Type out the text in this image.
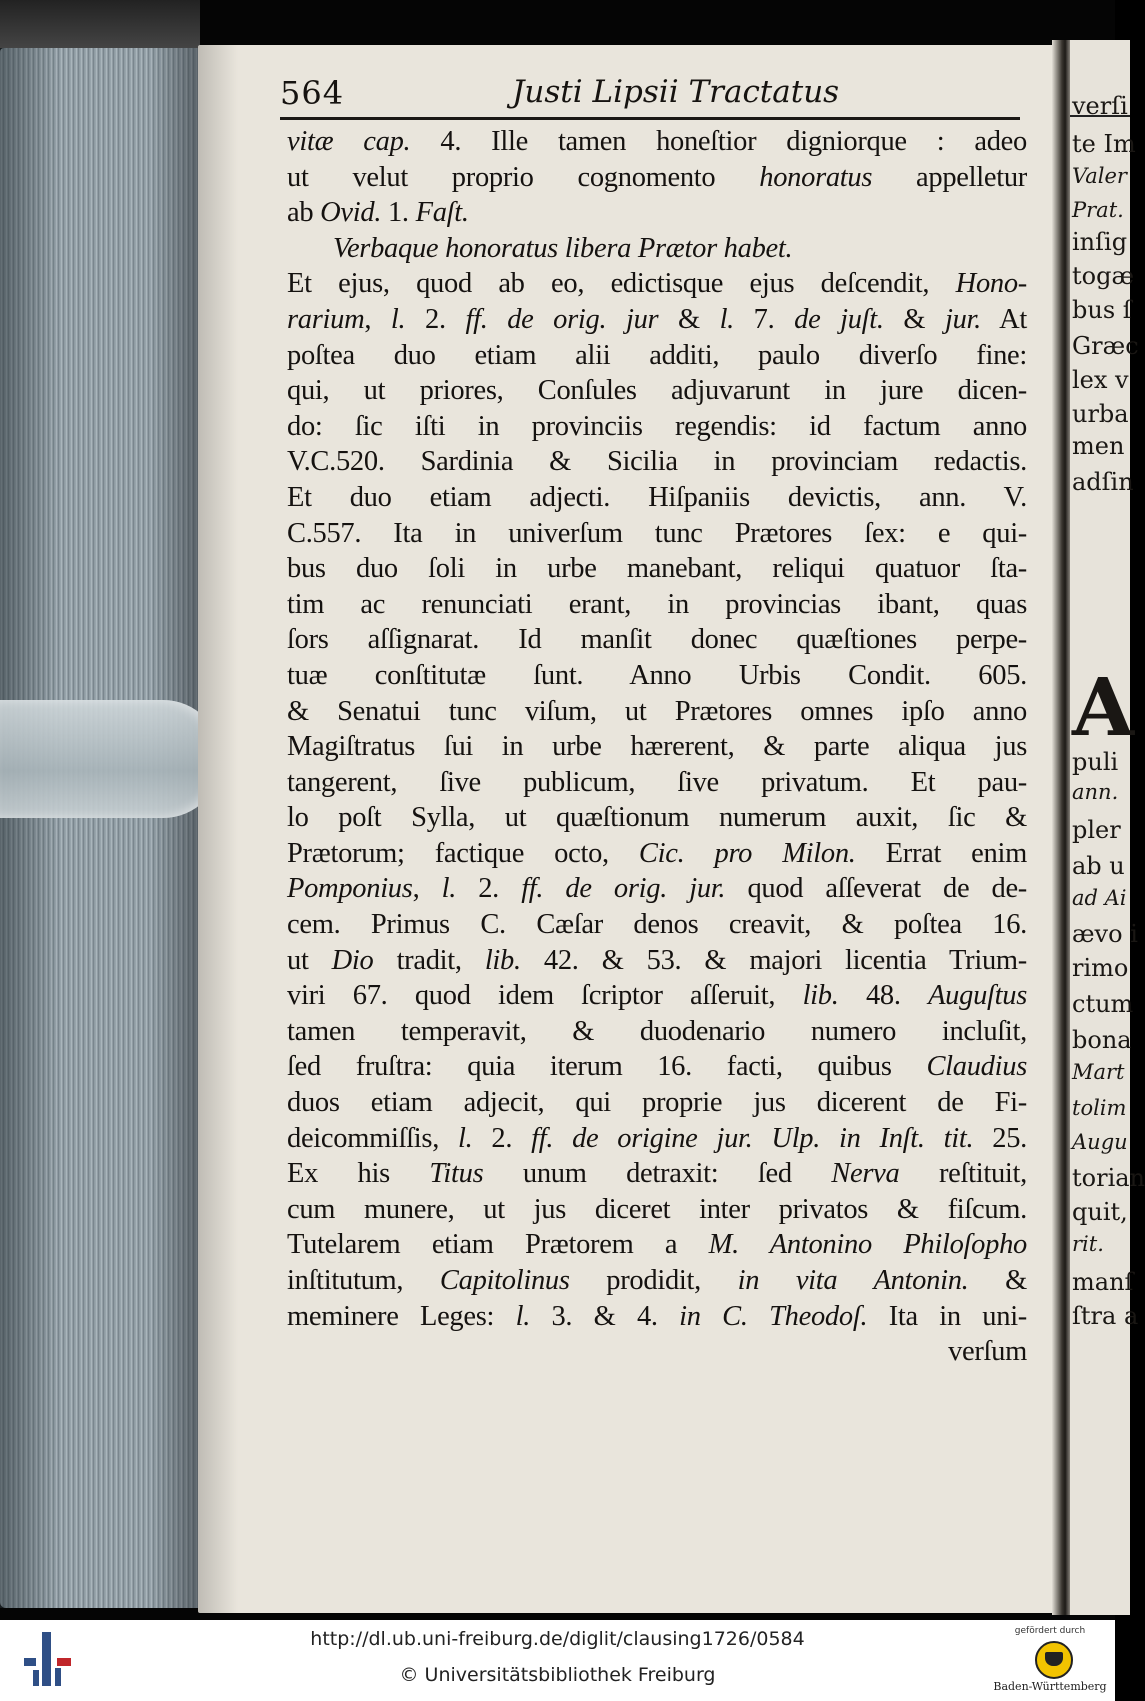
verſi
te Im
Valer
Prat.
inſig
togæ
bus ſ
Græc
lex v
urba
men
adſin
A
puli
ann.
pler
ab u
ad Ai
ævo i
rimo
ctum
bona
Mart
tolim
Augu
torian
quit,
rit.
manſ
ſtra a
564	Justi Lipsii Tractatus
vitæ cap. 4. Ille tamen honeſtior digniorque : adeo
ut velut proprio cognomento honoratus appelletur
ab Ovid. 1. Faſt.
Verbaque honoratus libera Prætor habet.
Et ejus, quod ab eo, edictisque ejus deſcendit, Hono-
rarium, l. 2. ff. de orig. jur & l. 7. de juſt. & jur. At
poſtea duo etiam alii additi, paulo diverſo fine:
qui, ut priores, Conſules adjuvarunt in jure dicen-
do: ſic iſti in provinciis regendis: id factum anno
V.C.520. Sardinia & Sicilia in provinciam redactis.
Et duo etiam adjecti. Hiſpaniis devictis, ann. V.
C.557. Ita in univerſum tunc Prætores ſex: e qui-
bus duo ſoli in urbe manebant, reliqui quatuor ſta-
tim ac renunciati erant, in provincias ibant, quas
ſors aſſignarat. Id manſit donec quæſtiones perpe-
tuæ conſtitutæ ſunt. Anno Urbis Condit. 605.
& Senatui tunc viſum, ut Prætores omnes ipſo anno
Magiſtratus ſui in urbe hærerent, & parte aliqua jus
tangerent, ſive publicum, ſive privatum. Et pau-
lo poſt Sylla, ut quæſtionum numerum auxit, ſic &
Prætorum; factique octo, Cic. pro Milon. Errat enim
Pomponius, l. 2. ff. de orig. jur. quod aſſeverat de de-
cem. Primus C. Cæſar denos creavit, & poſtea 16.
ut Dio tradit, lib. 42. & 53. & majori licentia Trium-
viri 67. quod idem ſcriptor aſſeruit, lib. 48. Auguſtus
tamen temperavit, & duodenario numero incluſit,
ſed fruſtra: quia iterum 16. facti, quibus Claudius
duos etiam adjecit, qui proprie jus dicerent de Fi-
deicommiſſis, l. 2. ff. de origine jur. Ulp. in Inſt. tit. 25.
Ex his Titus unum detraxit: ſed Nerva reſtituit,
cum munere, ut jus diceret inter privatos & fiſcum.
Tutelarem etiam Prætorem a M. Antonino Philoſopho
inſtitutum, Capitolinus prodidit, in vita Antonin. &
meminere Leges: l. 3. & 4. in C. Theodoſ. Ita in uni-
verſum
http://dl.ub.uni-freiburg.de/diglit/clausing1726/0584
© Universitätsbibliothek Freiburg
gefördert durch
Baden-Württemberg
